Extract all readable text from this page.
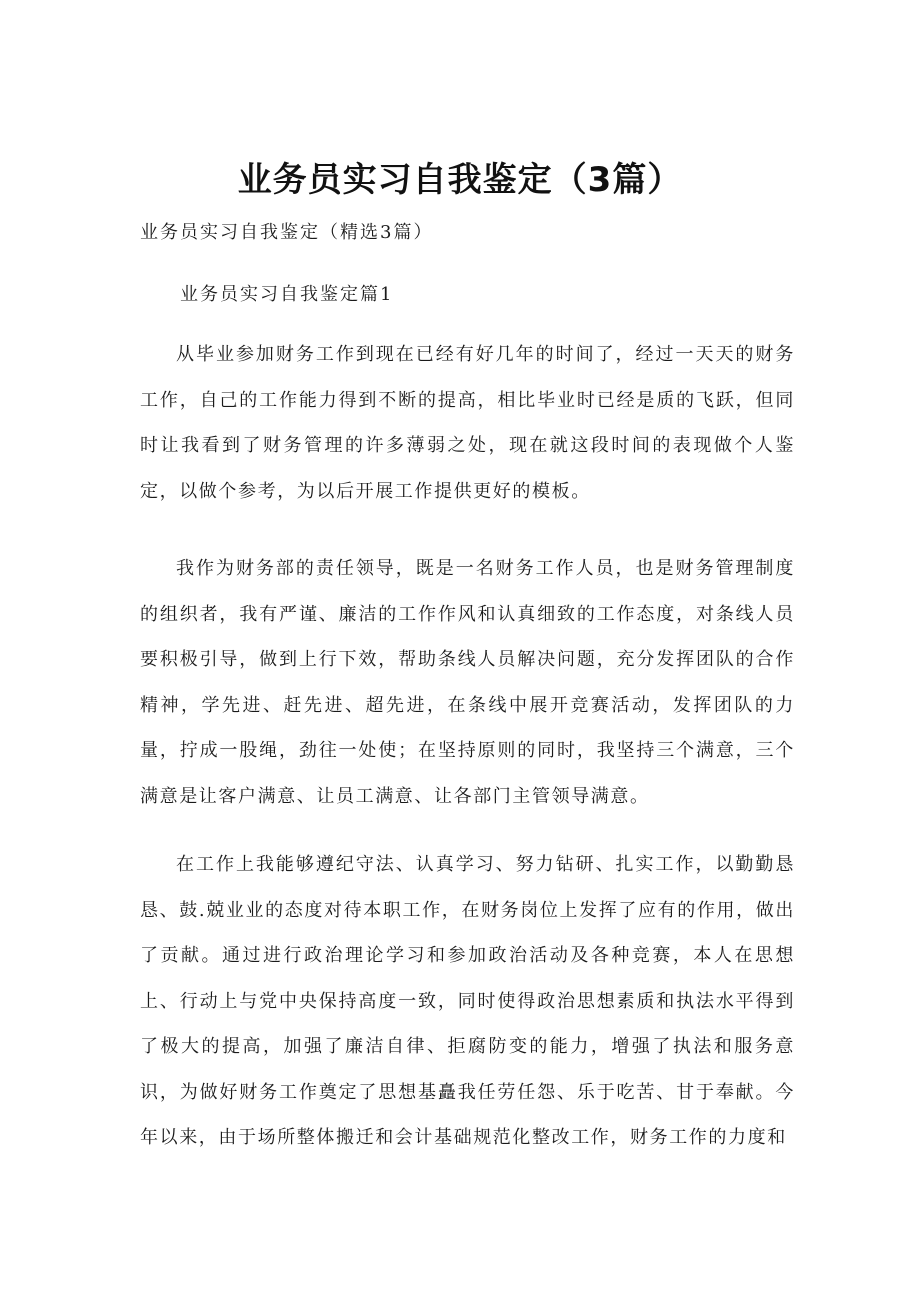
业务员实习自我鉴定（3篇）
业务员实习自我鉴定（精选3篇）
业务员实习自我鉴定篇1

从毕业参加财务工作到现在已经有好几年的时间了，经过一天天的财务工作，自己的工作能力得到不断的提高，相比毕业时已经是质的飞跃，但同时让我看到了财务管理的许多薄弱之处，现在就这段时间的表现做个人鉴定，以做个参考，为以后开展工作提供更好的模板。

我作为财务部的责任领导，既是一名财务工作人员，也是财务管理制度的组织者，我有严谨、廉洁的工作作风和认真细致的工作态度，对条线人员要积极引导，做到上行下效，帮助条线人员解决问题，充分发挥团队的合作精神，学先进、赶先进、超先进，在条线中展开竞赛活动，发挥团队的力量，拧成一股绳，劲往一处使；在坚持原则的同时，我坚持三个满意，三个满意是让客户满意、让员工满意、让各部门主管领导满意。

在工作上我能够遵纪守法、认真学习、努力钻研、扎实工作，以勤勤恳恳、鼓.兢业业的态度对待本职工作，在财务岗位上发挥了应有的作用，做出了贡献。通过进行政治理论学习和参加政治活动及各种竞赛，本人在思想上、行动上与党中央保持高度一致，同时使得政治思想素质和执法水平得到了极大的提高，加强了廉洁自律、拒腐防变的能力，增强了执法和服务意识，为做好财务工作奠定了思想基矗我任劳任怨、乐于吃苦、甘于奉献。今年以来，由于场所整体搬迁和会计基础规范化整改工作，财务工作的力度和
